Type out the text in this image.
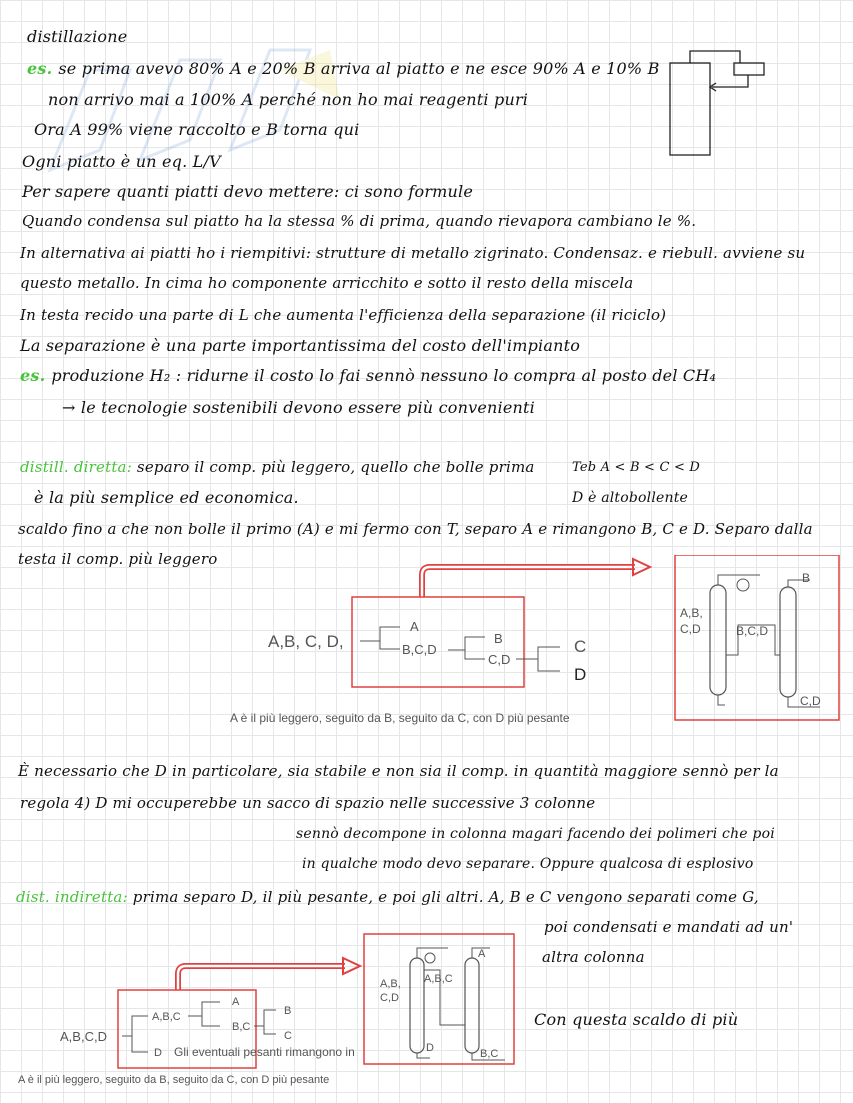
distillazione
es. se prima avevo 80% A e 20% B arriva al piatto e ne esce 90% A e 10% B
non arrivo mai a 100% A perché non ho mai reagenti puri
Ora A 99% viene raccolto e B torna qui
Ogni piatto è un eq. L/V
Per sapere quanti piatti devo mettere: ci sono formule
Quando condensa sul piatto ha la stessa % di prima, quando rievapora cambiano le %.
In alternativa ai piatti ho i riempitivi: strutture di metallo zigrinato. Condensaz. e riebull. avviene su
questo metallo. In cima ho componente arricchito e sotto il resto della miscela
In testa recido una parte di L che aumenta l'efficienza della separazione (il riciclo)
La separazione è una parte importantissima del costo dell'impianto
es. produzione H₂ : ridurne il costo lo fai sennò nessuno lo compra al posto del CH₄
→ le tecnologie sostenibili devono essere più convenienti
distill. diretta: separo il comp. più leggero, quello che bolle prima	Teb A < B < C < D
è la più semplice ed economica.	D è altobollente
scaldo fino a che non bolle il primo (A) e mi fermo con T, separo A e rimangono B, C e D. Separo dalla
testa il comp. più leggero
A,B, C, D,
A
B,C,D
B
C,D
C
D
A,B,
C,D	B,C,D
B
C,D
A è il più leggero, seguito da B, seguito da C, con D più pesante
È necessario che D in particolare, sia stabile e non sia il comp. in quantità maggiore sennò per la
regola 4) D mi occuperebbe un sacco di spazio nelle successive 3 colonne
sennò decompone in colonna magari facendo dei polimeri che poi
in qualche modo devo separare. Oppure qualcosa di esplosivo
dist. indiretta: prima separo D, il più pesante, e poi gli altri. A, B e C vengono separati come G,
poi condensati e mandati ad un'
altra colonna
Con questa scaldo di più
A,B,C,D
A,B,C
D
A
B,C
B
C
Gli eventuali pesanti rimangono in
A,B,
C,D
A,B,C
A
D	B,C
A è il più leggero, seguito da B, seguito da C, con D più pesante
